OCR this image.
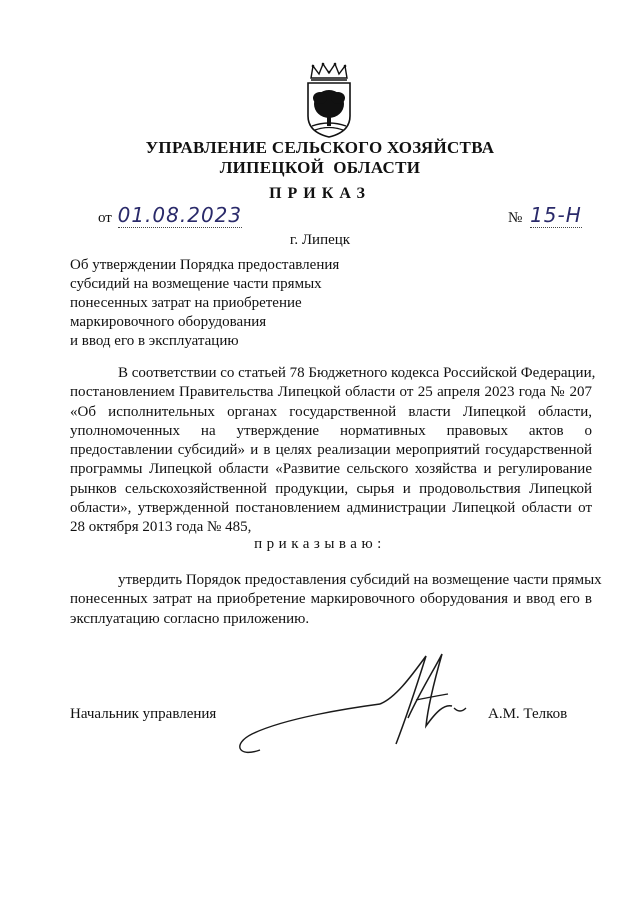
УПРАВЛЕНИЕ СЕЛЬСКОГО ХОЗЯЙСТВА
ЛИПЕЦКОЙ  ОБЛАСТИ
ПРИКАЗ
от 01.08.2023	№ 15-Н
г. Липецк
Об утверждении Порядка предоставления
субсидий на возмещение части прямых
понесенных затрат на приобретение
маркировочного оборудования
и ввод его в эксплуатацию
В соответствии со статьей 78 Бюджетного кодекса Российской Федерации,
постановлением Правительства Липецкой области от 25 апреля 2023 года № 207
«Об исполнительных органах государственной власти Липецкой области,
уполномоченных на утверждение нормативных правовых актов о
предоставлении субсидий» и в целях реализации мероприятий государственной
программы Липецкой области «Развитие сельского хозяйства и регулирование
рынков сельскохозяйственной продукции, сырья и продовольствия Липецкой
области», утвержденной постановлением администрации Липецкой области от
28 октября 2013 года № 485,
приказываю:
утвердить Порядок предоставления субсидий на возмещение части прямых
понесенных затрат на приобретение маркировочного оборудования и ввод его в
эксплуатацию согласно приложению.
Начальник управления	А.М. Телков
